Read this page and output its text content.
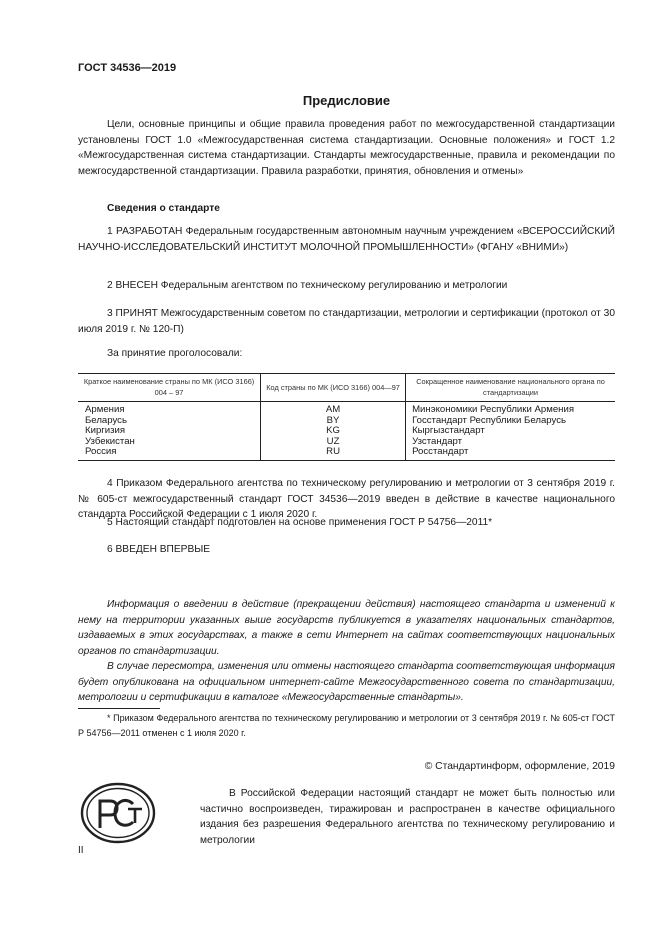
ГОСТ 34536—2019
Предисловие
Цели, основные принципы и общие правила проведения работ по межгосударственной стандартизации установлены ГОСТ 1.0 «Межгосударственная система стандартизации. Основные положения» и ГОСТ 1.2 «Межгосударственная система стандартизации. Стандарты межгосударственные, правила и рекомендации по межгосударственной стандартизации. Правила разработки, принятия, обновления и отмены»
Сведения о стандарте
1 РАЗРАБОТАН Федеральным государственным автономным научным учреждением «ВСЕРОССИЙСКИЙ НАУЧНО-ИССЛЕДОВАТЕЛЬСКИЙ ИНСТИТУТ МОЛОЧНОЙ ПРОМЫШЛЕННОСТИ» (ФГАНУ «ВНИМИ»)
2 ВНЕСЕН Федеральным агентством по техническому регулированию и метрологии
3 ПРИНЯТ Межгосударственным советом по стандартизации, метрологии и сертификации (протокол от 30 июля 2019 г. № 120-П)
За принятие проголосовали:
Краткое наименование страны по МК (ИСО 3166) 004 – 97	Код страны по МК (ИСО 3166) 004—97	Сокращенное наименование национального органа по стандартизации
Армения	AM	Минэкономики Республики Армения
Беларусь	BY	Госстандарт Республики Беларусь
Киргизия	KG	Кыргызстандарт
Узбекистан	UZ	Узстандарт
Россия	RU	Росстандарт
4 Приказом Федерального агентства по техническому регулированию и метрологии от 3 сентября 2019 г. № 605-ст межгосударственный стандарт ГОСТ 34536—2019 введен в действие в качестве национального стандарта Российской Федерации с 1 июля 2020 г.
5 Настоящий стандарт подготовлен на основе применения ГОСТ Р 54756—2011*
6 ВВЕДЕН ВПЕРВЫЕ
Информация о введении в действие (прекращении действия) настоящего стандарта и изменений к нему на территории указанных выше государств публикуется в указателях национальных стандартов, издаваемых в этих государствах, а также в сети Интернет на сайтах соответствующих национальных органов по стандартизации.
В случае пересмотра, изменения или отмены настоящего стандарта соответствующая информация будет опубликована на официальном интернет-сайте Межгосударственного совета по стандартизации, метрологии и сертификации в каталоге «Межгосударственные стандарты».
* Приказом Федерального агентства по техническому регулированию и метрологии от 3 сентября 2019 г. № 605-ст ГОСТ Р 54756—2011 отменен с 1 июля 2020 г.
© Стандартинформ, оформление, 2019
В Российской Федерации настоящий стандарт не может быть полностью или частично воспроизведен, тиражирован и распространен в качестве официального издания без разрешения Федерального агентства по техническому регулированию и метрологии
II
